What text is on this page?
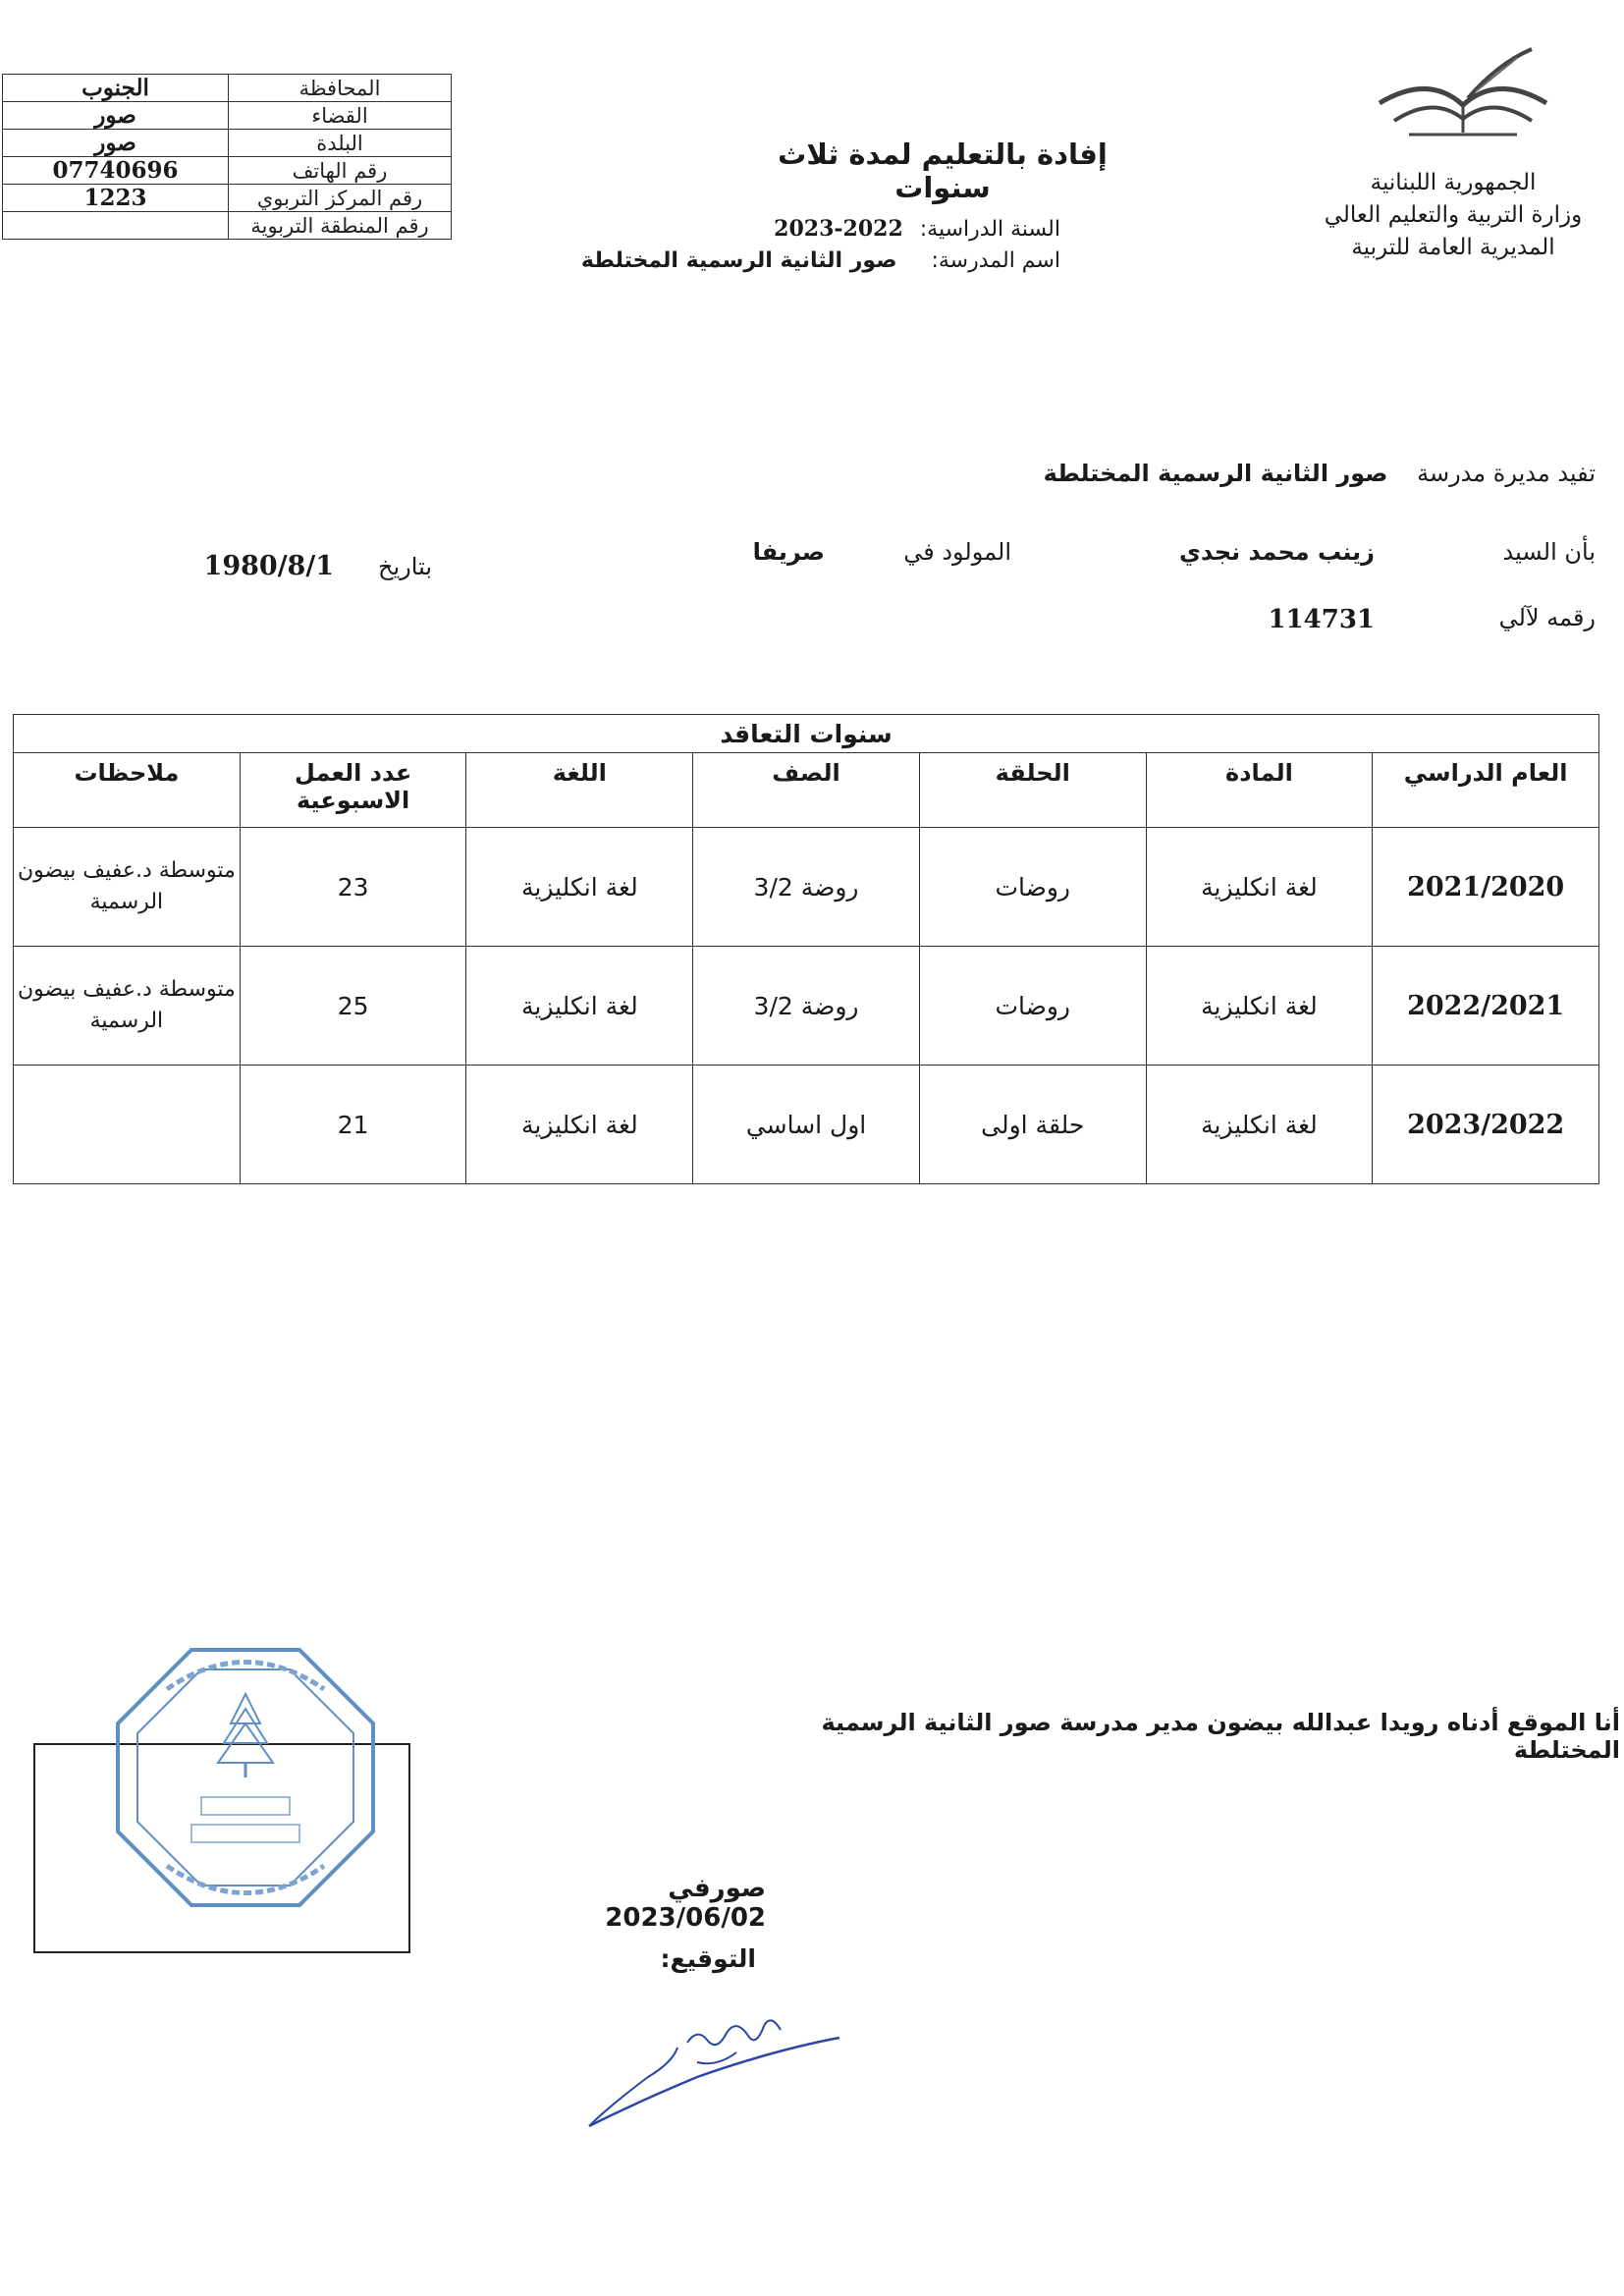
الجمهورية اللبنانية
وزارة التربية والتعليم العالي
المديرية العامة للتربية
المحافظة	الجنوب
القضاء	صور
البلدة	صور
رقم الهاتف	07740696
رقم المركز التربوي	1223
رقم المنطقة التربوية	
إفادة بالتعليم لمدة ثلاث سنوات
السنة الدراسية: 2022-2023
اسم المدرسة: صور الثانية الرسمية المختلطة
تفيد مديرة مدرسة صور الثانية الرسمية المختلطة
بأن السيد
زينب محمد نجدي
المولود في
صريفا
بتاريخ
1980/8/1
رقمه لآلي
114731
سنوات التعاقد						
العام الدراسي	المادة	الحلقة	الصف	اللغة	عدد العمل الاسبوعية	ملاحظات
2021/2020	لغة انكليزية	روضات	روضة 3/2	لغة انكليزية	23	متوسطة د.عفيف بيضون الرسمية
2022/2021	لغة انكليزية	روضات	روضة 3/2	لغة انكليزية	25	متوسطة د.عفيف بيضون الرسمية
2023/2022	لغة انكليزية	حلقة اولى	اول اساسي	لغة انكليزية	21	
أنا الموقع أدناه رويدا عبدالله بيضون مدير مدرسة صور الثانية الرسمية المختلطة
صورفي 2023/06/02
التوقيع:
